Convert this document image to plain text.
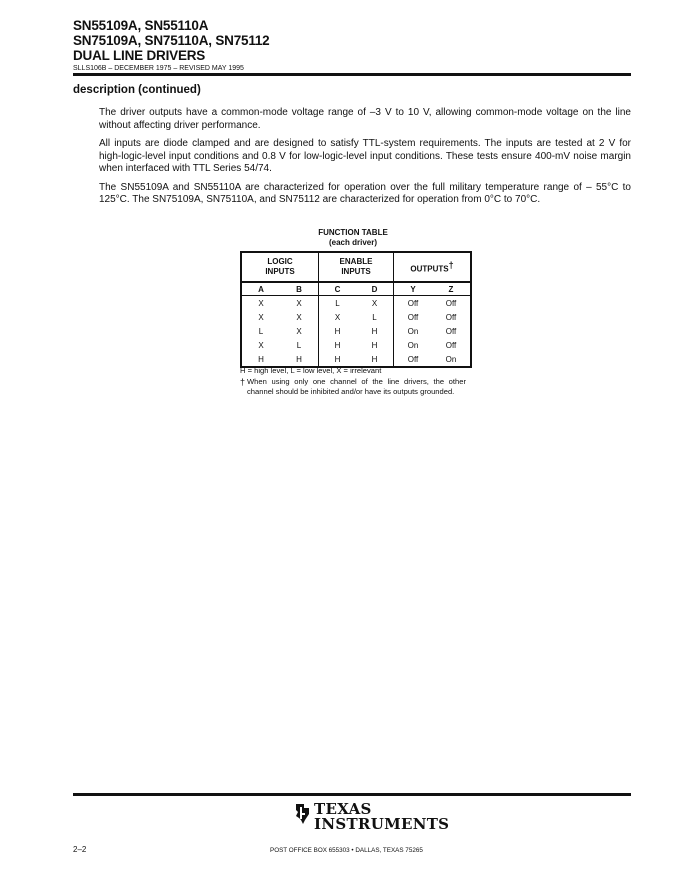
SN55109A, SN55110A
SN75109A, SN75110A, SN75112
DUAL LINE DRIVERS
SLLS106B – DECEMBER 1975 – REVISED MAY 1995
description (continued)

The driver outputs have a common-mode voltage range of –3 V to 10 V, allowing common-mode voltage on the line without affecting driver performance.

All inputs are diode clamped and are designed to satisfy TTL-system requirements. The inputs are tested at 2 V for high-logic-level input conditions and 0.8 V for low-logic-level input conditions. These tests ensure 400-mV noise margin when interfaced with TTL Series 54/74.

The SN55109A and SN55110A are characterized for operation over the full military temperature range of – 55°C to 125°C. The SN75109A, SN75110A, and SN75112 are characterized for operation from 0°C to 70°C.

FUNCTION TABLE
(each driver)
LOGIC
INPUTS		ENABLE
INPUTS		OUTPUTS†
A	B	C	D	Y	Z
X	X	L	X	Off	Off
X	X	X	L	Off	Off
L	X	H	H	On	Off
X	L	H	H	On	Off
H	H	H	H	Off	On
H = high level, L = low level, X = irrelevant
† When using only one channel of the line drivers, the other channel should be inhibited and/or have its outputs grounded.
TEXAS
INSTRUMENTS
POST OFFICE BOX 655303 • DALLAS, TEXAS 75265
2–2
